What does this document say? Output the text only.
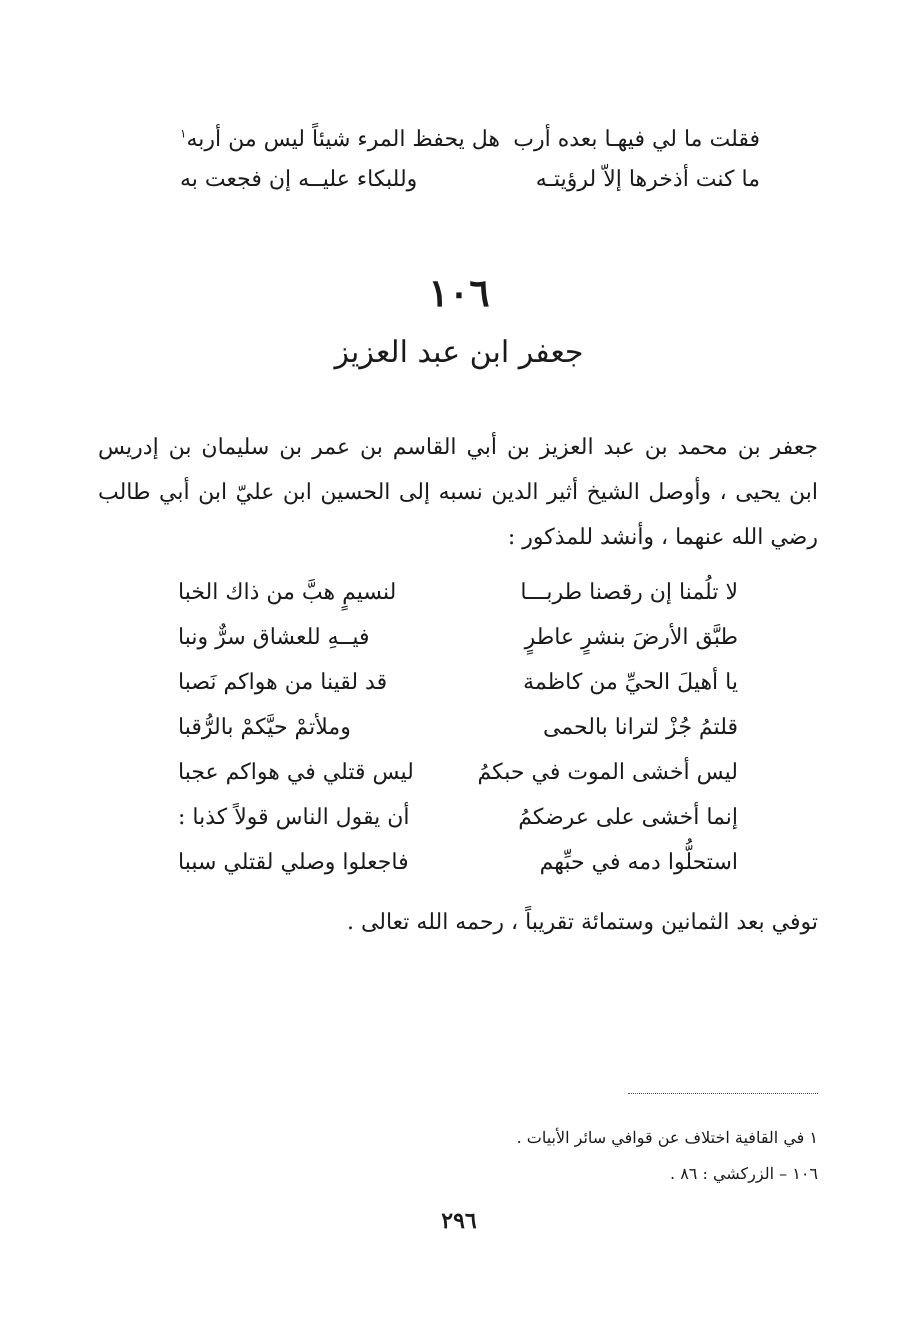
فقلت ما لي فيهـا بعده أرب
هل يحفظ المرء شيئاً ليس من أربه$^١$
ما كنت أذخرها إلاّ لرؤيتـه
وللبكاء عليــه إن فجعت به
١٠٦
جعفر ابن عبد العزيز
جعفر بن محمد بن عبد العزيز بن أبي القاسم بن عمر بن سليمان بن إدريس
ابن يحيى ، وأوصل الشيخ أثير الدين نسبه إلى الحسين ابن عليّ ابن أبي طالب
رضي الله عنهما ، وأنشد للمذكور :
لا تلُمنا إن رقصنا طربـــا
لنسيمٍ هبَّ من ذاك الخبا
طبَّق الأرضَ بنشرٍ عاطرٍ
فيــهِ للعشاق سرٌّ ونبا
يا أهيلَ الحيِّ من كاظمة
قد لقينا من هواكم نَصبا
قلتمُ جُزْ لترانا بالحمى
وملأتمْ حيَّكمْ بالرُّقبا
ليس أخشى الموت في حبكمُ
ليس قتلي في هواكم عجبا
إنما أخشى على عرضكمُ
أن يقول الناس قولاً كذبا :
استحلُّوا دمه في حبِّهم
فاجعلوا وصلي لقتلي سببا
توفي بعد الثمانين وستمائة تقريباً ، رحمه الله تعالى .
١ في القافية اختلاف عن قوافي سائر الأبيات .
١٠٦ – الزركشي : ٨٦ .
٢٩٦
